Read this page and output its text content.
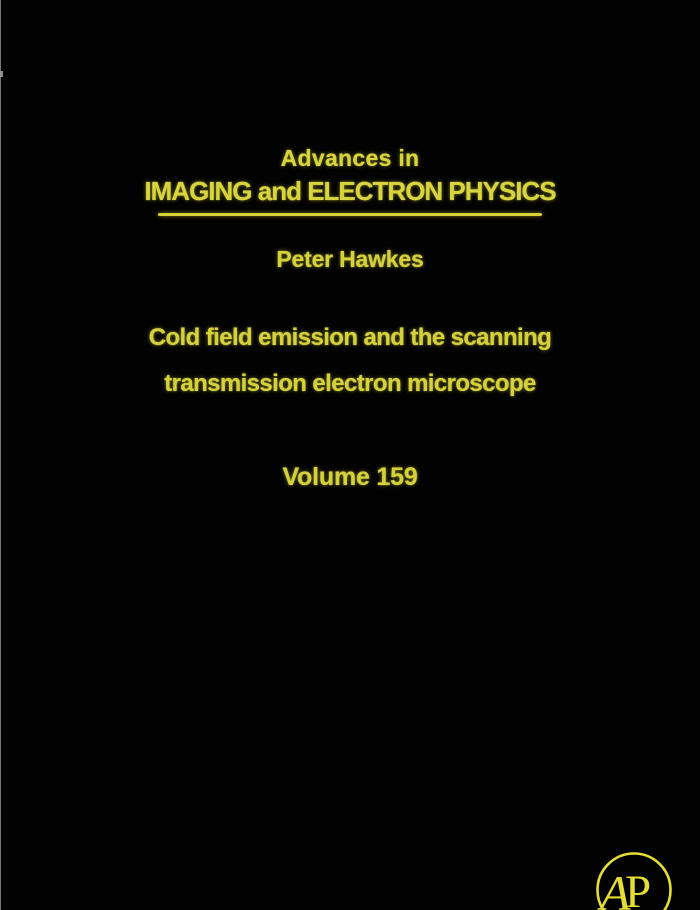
Advances in
IMAGING and ELECTRON PHYSICS
Peter Hawkes
Cold field emission and the scanning
transmission electron microscope
Volume 159
A
P
